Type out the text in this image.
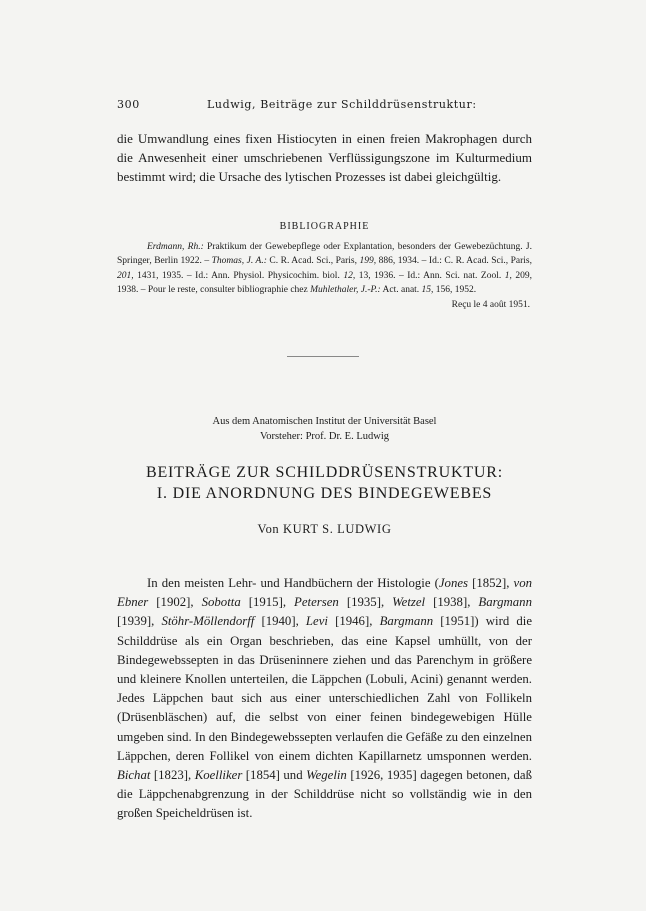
300	Ludwig, Beiträge zur Schilddrüsenstruktur:
die Umwandlung eines fixen Histiocyten in einen freien Makrophagen durch die Anwesenheit einer umschriebenen Verflüssigungszone im Kulturmedium bestimmt wird; die Ursache des lytischen Prozesses ist dabei gleichgültig.
BIBLIOGRAPHIE
Erdmann, Rh.: Praktikum der Gewebepflege oder Explantation, besonders der Gewebezüchtung. J. Springer, Berlin 1922. – Thomas, J. A.: C. R. Acad. Sci., Paris, 199, 886, 1934. – Id.: C. R. Acad. Sci., Paris, 201, 1431, 1935. – Id.: Ann. Physiol. Physicochim. biol. 12, 13, 1936. – Id.: Ann. Sci. nat. Zool. 1, 209, 1938. – Pour le reste, consulter bibliographie chez Muhlethaler, J.-P.: Act. anat. 15, 156, 1952.
Reçu le 4 août 1951.
Aus dem Anatomischen Institut der Universität Basel
Vorsteher: Prof. Dr. E. Ludwig
BEITRÄGE ZUR SCHILDDRÜSENSTRUKTUR:
I. DIE ANORDNUNG DES BINDEGEWEBES
Von KURT S. LUDWIG
In den meisten Lehr- und Handbüchern der Histologie (Jones [1852], von Ebner [1902], Sobotta [1915], Petersen [1935], Wetzel [1938], Bargmann [1939], Stöhr-Möllendorff [1940], Levi [1946], Bargmann [1951]) wird die Schilddrüse als ein Organ beschrieben, das eine Kapsel umhüllt, von der Bindegewebssepten in das Drüseninnere ziehen und das Parenchym in größere und kleinere Knollen unterteilen, die Läppchen (Lobuli, Acini) genannt werden. Jedes Läppchen baut sich aus einer unterschiedlichen Zahl von Follikeln (Drüsenbläschen) auf, die selbst von einer feinen bindegewebigen Hülle umgeben sind. In den Bindegewebssepten verlaufen die Gefäße zu den einzelnen Läppchen, deren Follikel von einem dichten Kapillarnetz umsponnen werden. Bichat [1823], Koelliker [1854] und Wegelin [1926, 1935] dagegen betonen, daß die Läppchenabgrenzung in der Schilddrüse nicht so vollständig wie in den großen Speicheldrüsen ist.
